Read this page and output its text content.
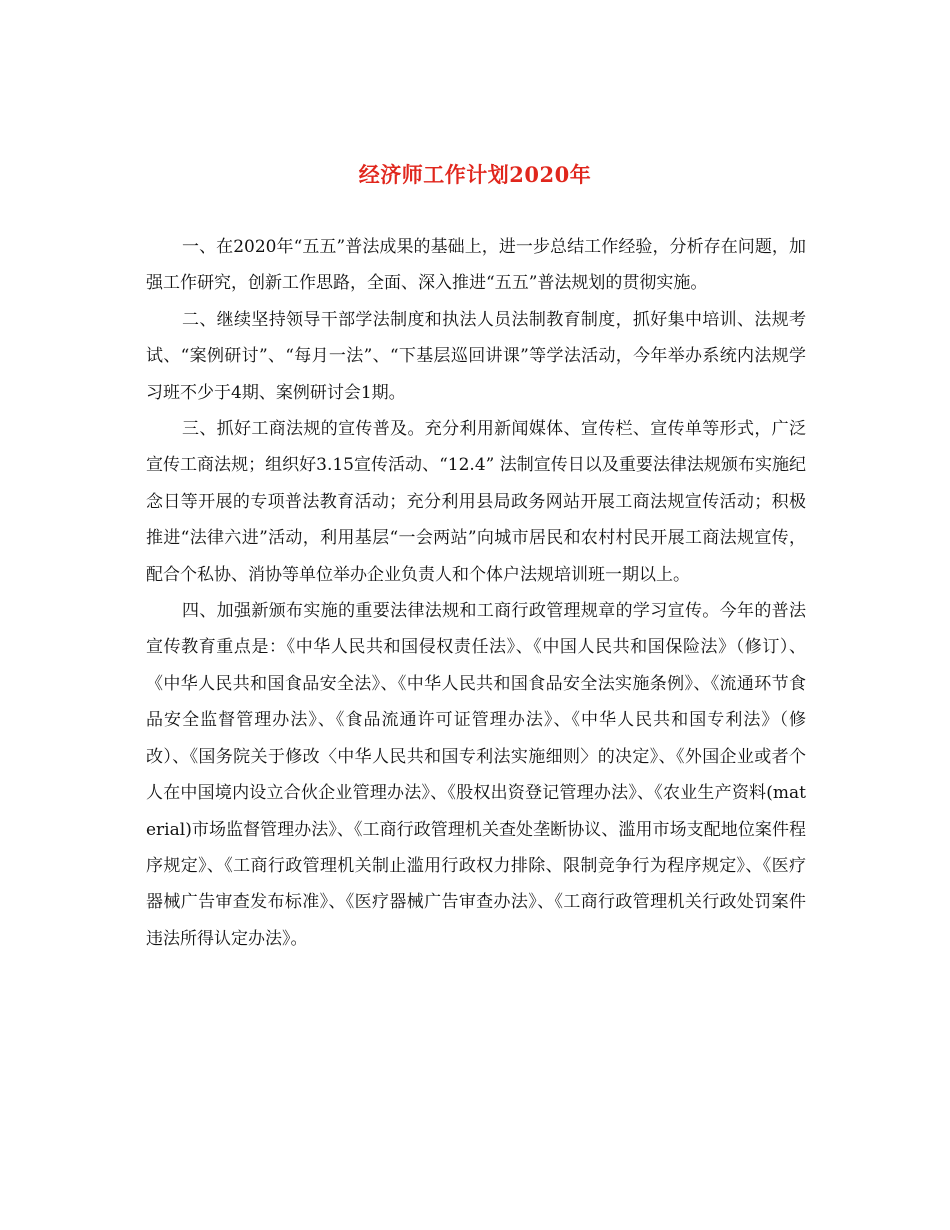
经济师工作计划2020年

一、在2020年“五五”普法成果的基础上，进一步总结工作经验，分析存在问题，加强工作研究，创新工作思路，全面、深入推进“五五”普法规划的贯彻实施。

二、继续坚持领导干部学法制度和执法人员法制教育制度，抓好集中培训、法规考试、“案例研讨”、“每月一法”、“下基层巡回讲课”等学法活动，今年举办系统内法规学习班不少于4期、案例研讨会1期。

三、抓好工商法规的宣传普及。充分利用新闻媒体、宣传栏、宣传单等形式，广泛宣传工商法规；组织好3.15宣传活动、“12.4” 法制宣传日以及重要法律法规颁布实施纪念日等开展的专项普法教育活动；充分利用县局政务网站开展工商法规宣传活动；积极推进“法律六进”活动，利用基层“一会两站”向城市居民和农村村民开展工商法规宣传，配合个私协、消协等单位举办企业负责人和个体户法规培训班一期以上。

四、加强新颁布实施的重要法律法规和工商行政管理规章的学习宣传。今年的普法宣传教育重点是：《中华人民共和国侵权责任法》、《中国人民共和国保险法》（修订）、《中华人民共和国食品安全法》、《中华人民共和国食品安全法实施条例》、《流通环节食品安全监督管理办法》、《食品流通许可证管理办法》、《中华人民共和国专利法》（修改）、《国务院关于修改〈中华人民共和国专利法实施细则〉的决定》、《外国企业或者个人在中国境内设立合伙企业管理办法》、《股权出资登记管理办法》、《农业生产资料(material)市场监督管理办法》、《工商行政管理机关查处垄断协议、滥用市场支配地位案件程序规定》、《工商行政管理机关制止滥用行政权力排除、限制竞争行为程序规定》、《医疗器械广告审查发布标准》、《医疗器械广告审查办法》、《工商行政管理机关行政处罚案件违法所得认定办法》。
